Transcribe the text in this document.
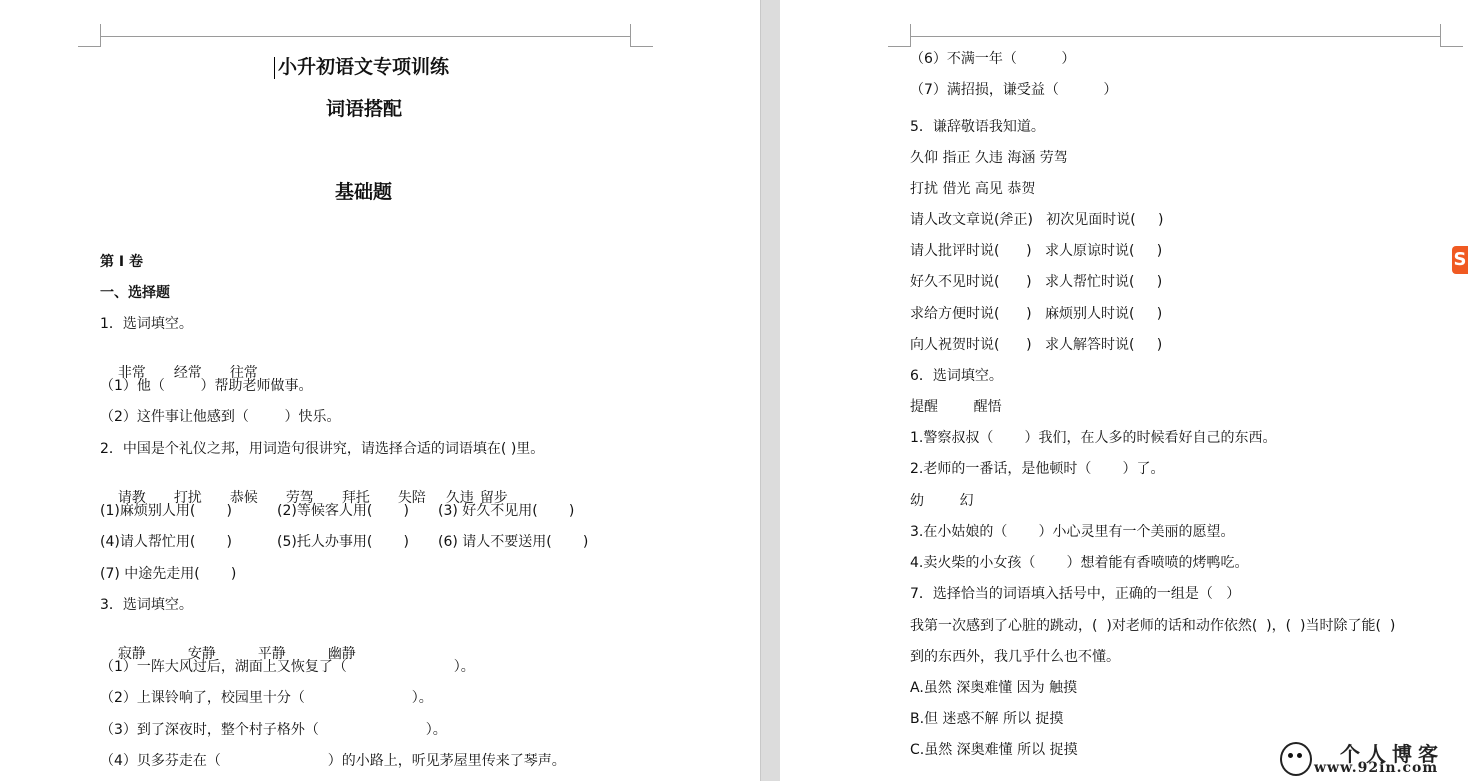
小升初语文专项训练
词语搭配
基础题
第 I 卷
一、选择题
1．选词填空。

非常 经常 往常

（1）他（        ）帮助老师做事。
（2）这件事让他感到（        ）快乐。
2．中国是个礼仪之邦，用词造句很讲究，请选择合适的词语填在( )里。

请教 打扰 恭候 劳驾 拜托 失陪 久违 留步

(1)麻烦别人用(       )	(2)等候客人用(       ) (3) 好久不见用(       )
(4)请人帮忙用(       )	(5)托人办事用(       ) (6) 请人不要送用(       )
(7) 中途先走用(       )
3．选词填空。

寂静	安静	平静	幽静

（1）一阵大风过后，湖面上又恢复了（                        ）。
（2）上课铃响了，校园里十分（                        ）。
（3）到了深夜时，整个村子格外（                        ）。
（4）贝多芬走在（                        ）的小路上，听见茅屋里传来了琴声。
（6）不满一年（          ）
（7）满招损，谦受益（          ）
5．谦辞敬语我知道。
久仰 指正 久违 海涵 劳驾
打扰 借光 高见 恭贺
请人改文章说(斧正)   初次见面时说(     )
请人批评时说(      )   求人原谅时说(     )
好久不见时说(      )   求人帮忙时说(     )
求给方便时说(      )   麻烦别人时说(     )
向人祝贺时说(      )   求人解答时说(     )
6．选词填空。
提醒        醒悟
1.警察叔叔（       ）我们，在人多的时候看好自己的东西。
2.老师的一番话，是他顿时（       ）了。
幼        幻
3.在小姑娘的（       ）小心灵里有一个美丽的愿望。
4.卖火柴的小女孩（       ）想着能有香喷喷的烤鸭吃。
7．选择恰当的词语填入括号中，正确的一组是（   ）
我第一次感到了心脏的跳动，(  )对老师的话和动作依然(  )，(  )当时除了能(  )
到的东西外，我几乎什么也不懂。
A.虽然 深奥难懂 因为 触摸
B.但 迷惑不解 所以 捉摸
C.虽然 深奥难懂 所以 捉摸
S
个人博客
www.92in.com
